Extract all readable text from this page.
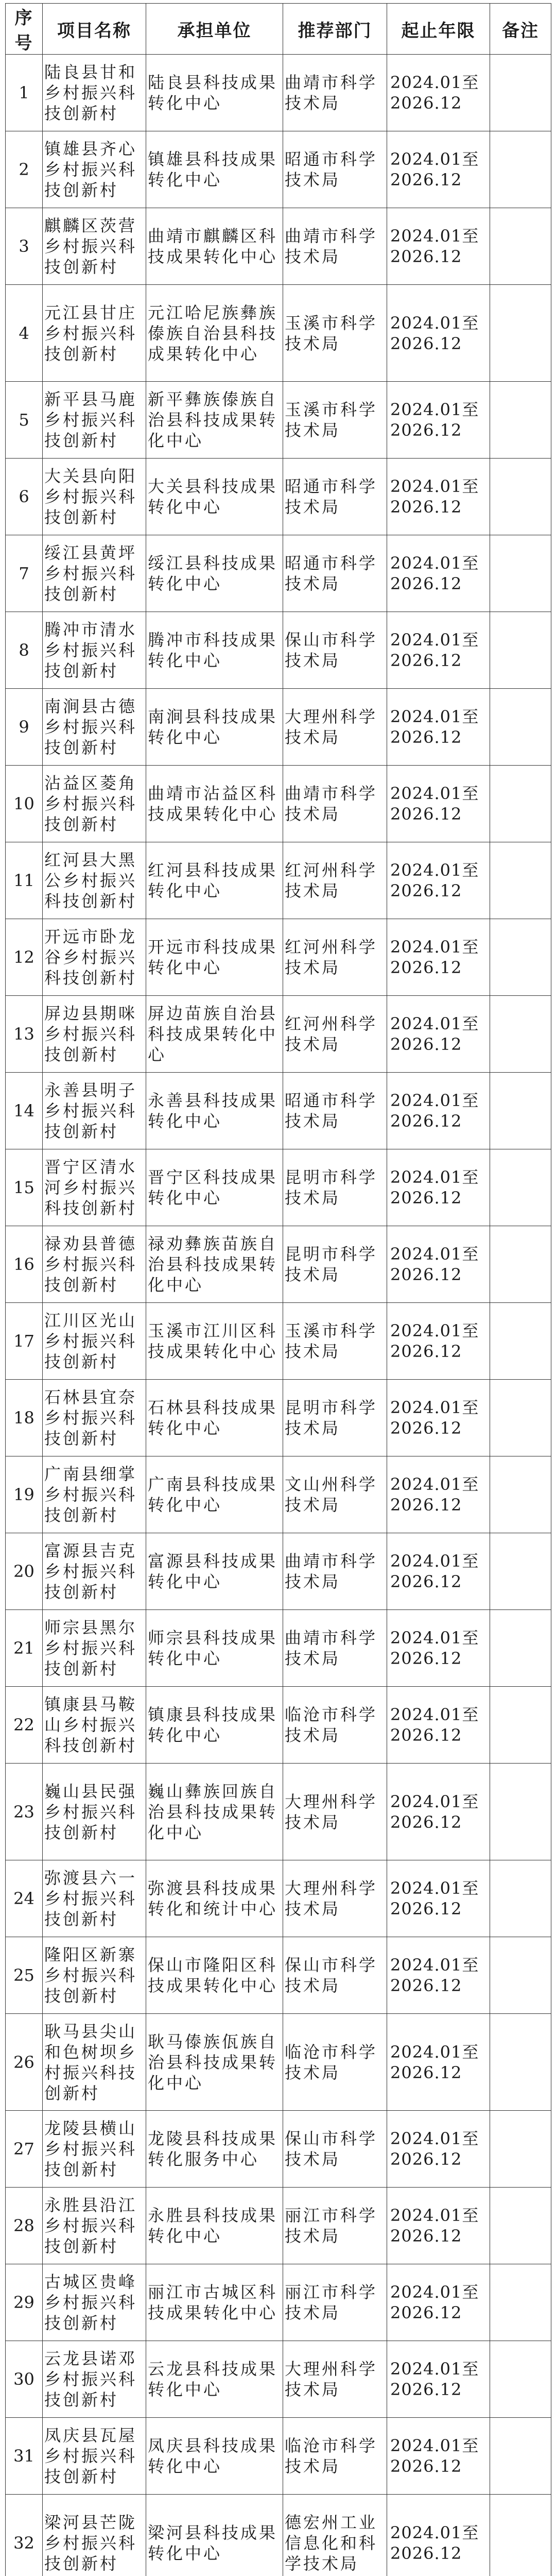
序号	项目名称	承担单位	推荐部门	起止年限	备注
1	陆良县甘和乡村振兴科技创新村	陆良县科技成果转化中心	曲靖市科学技术局	2024.01至2026.12	
2	镇雄县齐心乡村振兴科技创新村	镇雄县科技成果转化中心	昭通市科学技术局	2024.01至2026.12	
3	麒麟区茨营乡村振兴科技创新村	曲靖市麒麟区科技成果转化中心	曲靖市科学技术局	2024.01至2026.12	
4	元江县甘庄乡村振兴科技创新村	元江哈尼族彝族傣族自治县科技成果转化中心	玉溪市科学技术局	2024.01至2026.12	
5	新平县马鹿乡村振兴科技创新村	新平彝族傣族自治县科技成果转化中心	玉溪市科学技术局	2024.01至2026.12	
6	大关县向阳乡村振兴科技创新村	大关县科技成果转化中心	昭通市科学技术局	2024.01至2026.12	
7	绥江县黄坪乡村振兴科技创新村	绥江县科技成果转化中心	昭通市科学技术局	2024.01至2026.12	
8	腾冲市清水乡村振兴科技创新村	腾冲市科技成果转化中心	保山市科学技术局	2024.01至2026.12	
9	南涧县古德乡村振兴科技创新村	南涧县科技成果转化中心	大理州科学技术局	2024.01至2026.12	
10	沾益区菱角乡村振兴科技创新村	曲靖市沾益区科技成果转化中心	曲靖市科学技术局	2024.01至2026.12	
11	红河县大黑公乡村振兴科技创新村	红河县科技成果转化中心	红河州科学技术局	2024.01至2026.12	
12	开远市卧龙谷乡村振兴科技创新村	开远市科技成果转化中心	红河州科学技术局	2024.01至2026.12	
13	屏边县期咪乡村振兴科技创新村	屏边苗族自治县科技成果转化中心	红河州科学技术局	2024.01至2026.12	
14	永善县明子乡村振兴科技创新村	永善县科技成果转化中心	昭通市科学技术局	2024.01至2026.12	
15	晋宁区清水河乡村振兴科技创新村	晋宁区科技成果转化中心	昆明市科学技术局	2024.01至2026.12	
16	禄劝县普德乡村振兴科技创新村	禄劝彝族苗族自治县科技成果转化中心	昆明市科学技术局	2024.01至2026.12	
17	江川区光山乡村振兴科技创新村	玉溪市江川区科技成果转化中心	玉溪市科学技术局	2024.01至2026.12	
18	石林县宜奈乡村振兴科技创新村	石林县科技成果转化中心	昆明市科学技术局	2024.01至2026.12	
19	广南县细掌乡村振兴科技创新村	广南县科技成果转化中心	文山州科学技术局	2024.01至2026.12	
20	富源县吉克乡村振兴科技创新村	富源县科技成果转化中心	曲靖市科学技术局	2024.01至2026.12	
21	师宗县黑尔乡村振兴科技创新村	师宗县科技成果转化中心	曲靖市科学技术局	2024.01至2026.12	
22	镇康县马鞍山乡村振兴科技创新村	镇康县科技成果转化中心	临沧市科学技术局	2024.01至2026.12	
23	巍山县民强乡村振兴科技创新村	巍山彝族回族自治县科技成果转化中心	大理州科学技术局	2024.01至2026.12	
24	弥渡县六一乡村振兴科技创新村	弥渡县科技成果转化和统计中心	大理州科学技术局	2024.01至2026.12	
25	隆阳区新寨乡村振兴科技创新村	保山市隆阳区科技成果转化中心	保山市科学技术局	2024.01至2026.12	
26	耿马县尖山和色树坝乡村振兴科技创新村	耿马傣族佤族自治县科技成果转化中心	临沧市科学技术局	2024.01至2026.12	
27	龙陵县横山乡村振兴科技创新村	龙陵县科技成果转化服务中心	保山市科学技术局	2024.01至2026.12	
28	永胜县沿江乡村振兴科技创新村	永胜县科技成果转化中心	丽江市科学技术局	2024.01至2026.12	
29	古城区贵峰乡村振兴科技创新村	丽江市古城区科技成果转化中心	丽江市科学技术局	2024.01至2026.12	
30	云龙县诺邓乡村振兴科技创新村	云龙县科技成果转化中心	大理州科学技术局	2024.01至2026.12	
31	凤庆县瓦屋乡村振兴科技创新村	凤庆县科技成果转化中心	临沧市科学技术局	2024.01至2026.12	
32	梁河县芒陇乡村振兴科技创新村	梁河县科技成果转化中心	德宏州工业信息化和科学技术局	2024.01至2026.12	
